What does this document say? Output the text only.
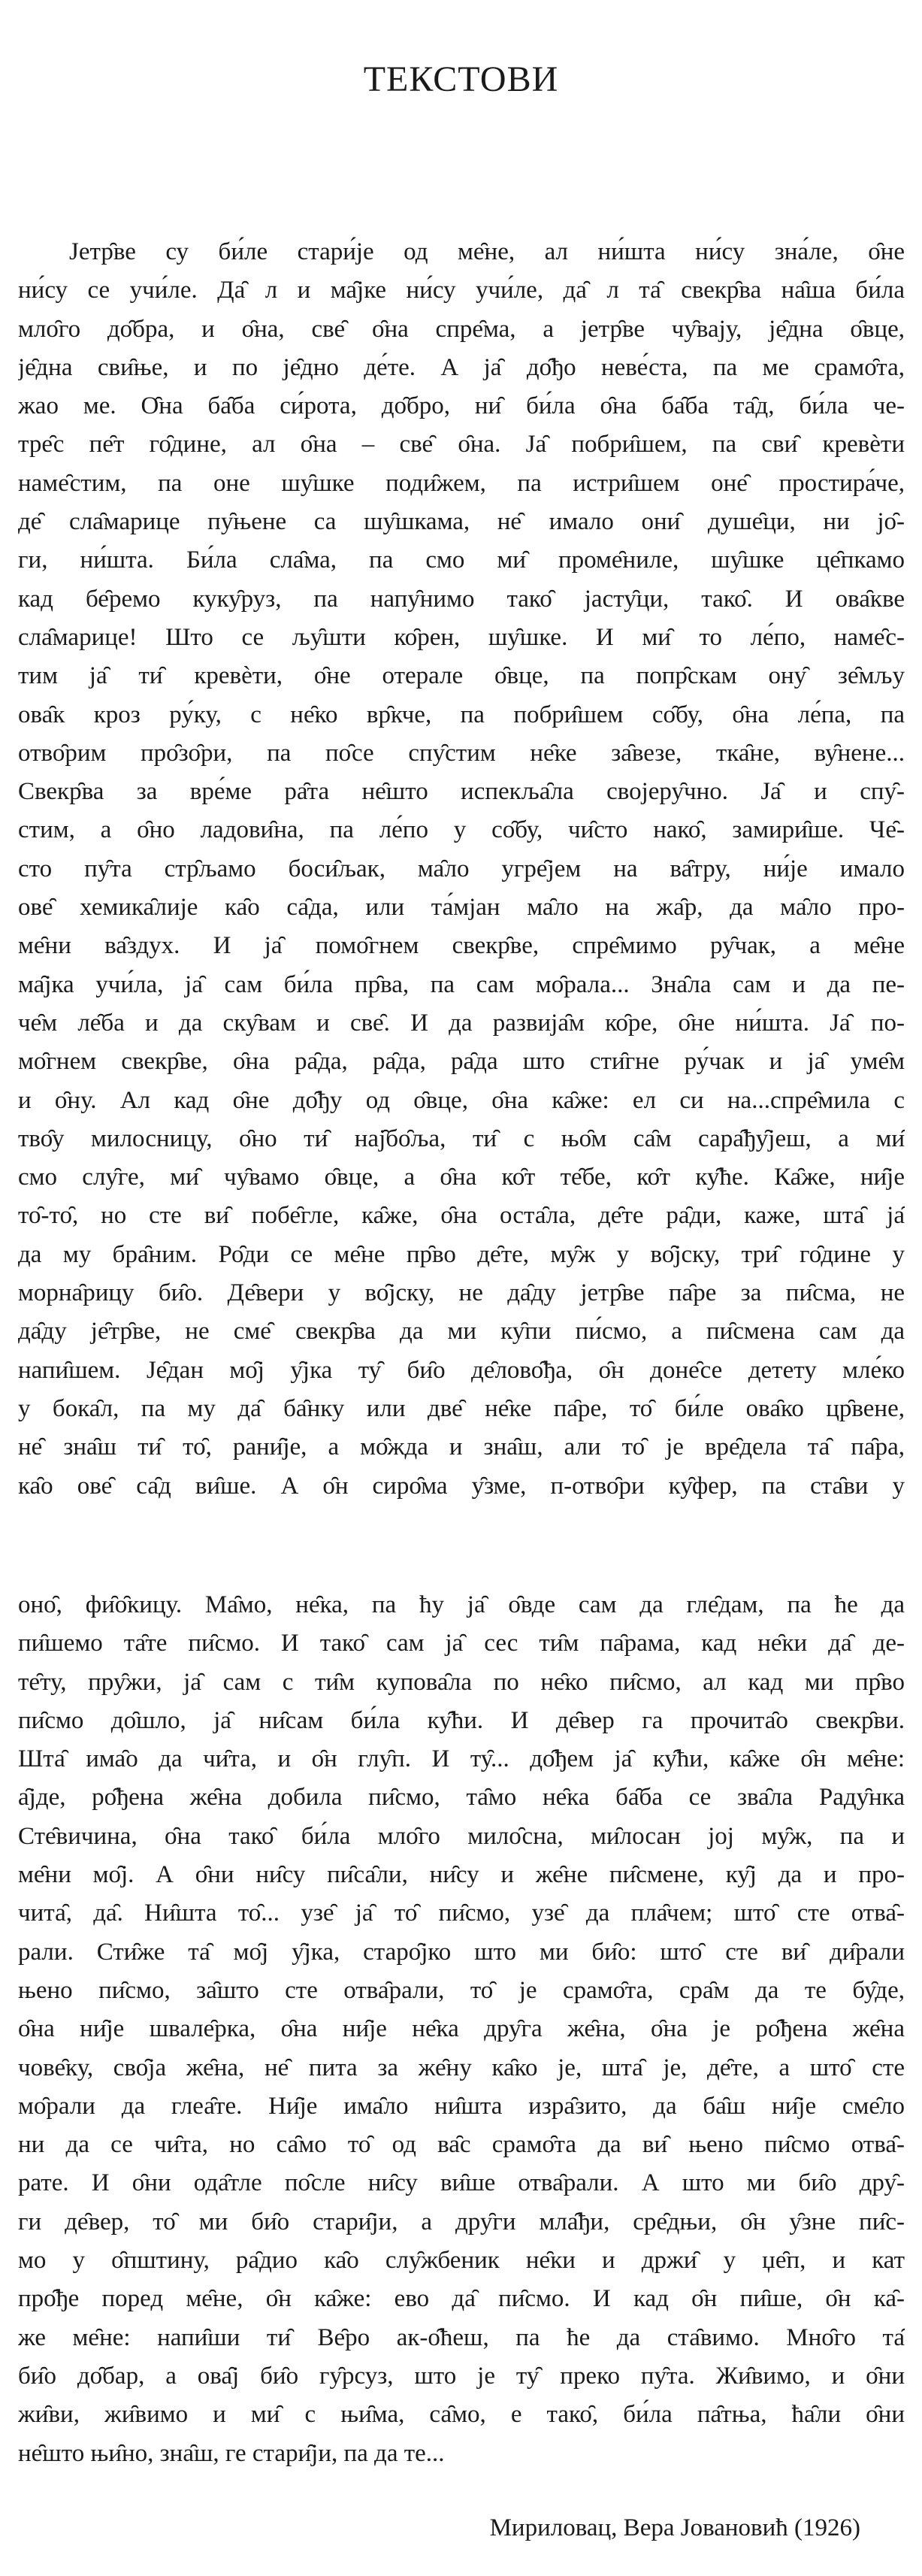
ТЕКСТОВИ
Јетр̑ве су би́ле стари́је од ме̑не, ал ни́шта ни́су зна́ле, о̑не
ни́су се учи́ле. Да̑ л и ма̑јке ни́су учи́ле, да̑ л та̑ свекр̑ва на̑ша би́ла
мло̑го до̑бра, и о̑на, све̑ о̑на спре̑ма, а јетр̑ве чу̑вају, је̑дна о̑вце,
је̑дна сви̑ње, и по је̑дно де́те. А ја̑ до̑ђо неве́ста, па ме срамо̑та,
жао ме. О̑на ба̑ба си́рота, до̑бро, ни̑ би́ла о̑на ба̑ба та̑д, би́ла че-
тре̑с пе̑т го̑дине, ал о̑на – све̑ о̑на. Ја̑ побри̑шем, па сви̑ кревѐти
наме̑стим, па оне шу̑шке поди̑жем, па истри̑шем оне̑ простира́че,
де̑ сла̑марице пу̑њене са шу̑шкама, не̑ имало они̑ душе̑ци, ни јо̑-
ги, ни́шта. Би́ла сла̑ма, па смо ми̑ проме̑ниле, шу̑шке це̑пкамо
кад бе̑ремо куку̑руз, па напу̑нимо тако̑ јасту̑ци, тако̑. И ова̑кве
сла̑марице! Што се љу̑шти ко̑рен, шу̑шке. И ми̑ то ле́по, наме̑с-
тим ја̑ ти̑ кревѐти, о̑не отерале о̑вце, па попр̑скам ону̑ зе̑мљу
ова̑к кроз ру́ку, с не̑ко вр̑кче, па побри̑шем со̑бу, о̑на ле́па, па
отво̑рим про̑зо̑ри, па по̑се спу̑стим не̑ке за̑везе, тка̑не, ву̑нене...
Свекр̑ва за вре́ме ра̑та не̑што испекља̑ла својеру̑чно. Ја̑ и спу̑-
стим, а о̑но ладови̑на, па ле́по у со̑бу, чи̑сто нако̑, замири̑ше. Че̑-
сто пу̑та стр̑љамо боси̑љак, ма̑ло угре̑јем на ва̑тру, ни́је имало
ове̑ хемика̑лије ка̑о са̑да, или та́мјан ма̑ло на жа̑р, да ма̑ло про-
ме̑ни ва̑здух. И ја̑ помо̑гнем свекр̑ве, спре̑мимо ру̑чак, а ме̑не
ма̑јка учи́ла, ја̑ сам би́ла пр̑ва, па сам мо̑рала... Зна̑ла сам и да пе-
че̑м ле̑ба и да ску̑вам и све̑. И да развија̑м ко̑ре, о̑не ни́шта. Ја̑ по-
мо̑гнем свекр̑ве, о̑на ра̑да, ра̑да, ра̑да што сти̑гне ру́чак и ја̑ уме̑м
и о̑ну. Ал кад о̑не до̑ђу од о̑вце, о̑на ка̑же: ел си на...спре̑мила с
тво̑у милосницу, о̑но ти̑ нај̑бо̑ља, ти̑ с њо̑м са̑м сара̑ђу̑јеш, а ми̑
смо слу̑ге, ми̑ чу̑вамо о̑вце, а о̑на ко̑т те̑бе, ко̑т ку̑ће. Ка̑же, ни̑је
то̑-то̑, но сте ви̑ побе̑гле, ка̑же, о̑на оста̑ла, де̑те ра̑ди, каже, шта̑ ја̑
да му бра̑ним. Ро̑ди се ме̑не пр̑во де̑те, му̑ж у во̑јску, три̑ го̑дине у
морна̑рицу би̑о. Де̑вери у во̑јску, не да̑ду јетр̑ве па̑ре за пи̑сма, не
да̑ду је̑тр̑ве, не сме̑ свекр̑ва да ми ку̑пи пи́смо, а пи̑смена сам да
напи̑шем. Је̑дан мо̑ј у̑јка ту̑ би̑о де̑лово̑ђа, о̑н доне̑се детету мле́ко
у бока̑л, па му да̑ ба̑нку или две̑ не̑ке па̑ре, то̑ би́ле ова̑ко цр̑вене,
не̑ зна̑ш ти̑ то̑, рани̑је, а мо̑жда и зна̑ш, али то̑ је вре̑дела та̑ па̑ра,
ка̑о ове̑ са̑д ви̑ше. А о̑н сиро̑ма у̑зме, п-отво̑ри ку̑фер, па ста̑ви у
оно̑, фи̑о̑кицу. Ма̑мо, не̑ка, па ћу ја̑ о̑вде сам да гле̑дам, па ће да
пи̑шемо та̑те пи̑смо. И тако̑ сам ја̑ сес ти̑м па̑рама, кад не̑ки да̑ де-
те̑ту, пру̑жи, ја̑ сам с ти̑м купова̑ла по не̑ко пи̑смо, ал кад ми пр̑во
пи̑смо до̑шло, ја̑ ни̑сам би́ла ку̑ћи. И де̑вер га прочита̑о свекр̑ви.
Шта̑ има̑о да чи̑та, и о̑н глу̑п. И ту̑... до̑ђем ја̑ ку̑ћи, ка̑же о̑н ме̑не:
а̑јде, ро̑ђена же̑на добила пи̑смо, та̑мо не̑ка ба̑ба се зва̑ла Раду̑нка
Сте̑вичина, о̑на тако̑ би́ла мло̑го мило̑сна, ми̑лосан јој му̑ж, па и
ме̑ни мо̑ј. А о̑ни ни̑су пи̑са̑ли, ни̑су и же̑не пи̑смене, ку̑ј да и про-
чита̑, да̑. Ни̑шта то̑... узе̑ ја̑ то̑ пи̑смо, узе̑ да пла̑чем; што̑ сте отва̑-
рали. Сти̑же та̑ мо̑ј у̑јка, старо̑јко што ми би̑о: што̑ сте ви̑ ди̑рали
њено пи̑смо, за̑што сте отва̑рали, то̑ је срамо̑та, сра̑м да те бу̑де,
о̑на ни̑је швале̑рка, о̑на ни̑је не̑ка дру̑га же̑на, о̑на је ро̑ђена же̑на
чове̑ку, сво̑ја же̑на, не̑ пита за же̑ну ка̑ко је, шта̑ је, де̑те, а што̑ сте
мо̑рали да глеа̑те. Ни̑је има̑ло ни̑шта изра̑зито, да ба̑ш ни̑је сме̑ло
ни да се чи̑та, но са̑мо то̑ од ва̑с срамо̑та да ви̑ њено пи̑смо отва̑-
рате. И о̑ни ода̑тле по̑сле ни̑су ви̑ше отва̑рали. А што ми би̑о дру̑-
ги де̑вер, то̑ ми би̑о стари̑ји, а дру̑ги мла̑ђи, сре̑дњи, о̑н у̑зне пи̑с-
мо у о̑пштину, ра̑дио ка̑о слу̑жбеник не̑ки и држи̑ у џе̑п, и кат
про̑ђе поред ме̑не, о̑н ка̑же: ево да̑ пи̑смо. И кад о̑н пи̑ше, о̑н ка̑-
же ме̑не: напи̑ши ти̑ Ве̑ро ак-о̑ћеш, па ће да ста̑вимо. Мно̑го та̑
би̑о до̑бар, а ова̑ј би̑о гу̑рсуз, што је ту̑ преко пу̑та. Жи̑вимо, и о̑ни
жи̑ви, жи̑вимо и ми̑ с њи̑ма, са̑мо, е тако̑, би́ла па̑тња, ћа̑ли о̑ни
не̑што њи̑но, зна̑ш, ге стари̑ји, па да те...

Мириловац, Вера Јовановић (1926)
